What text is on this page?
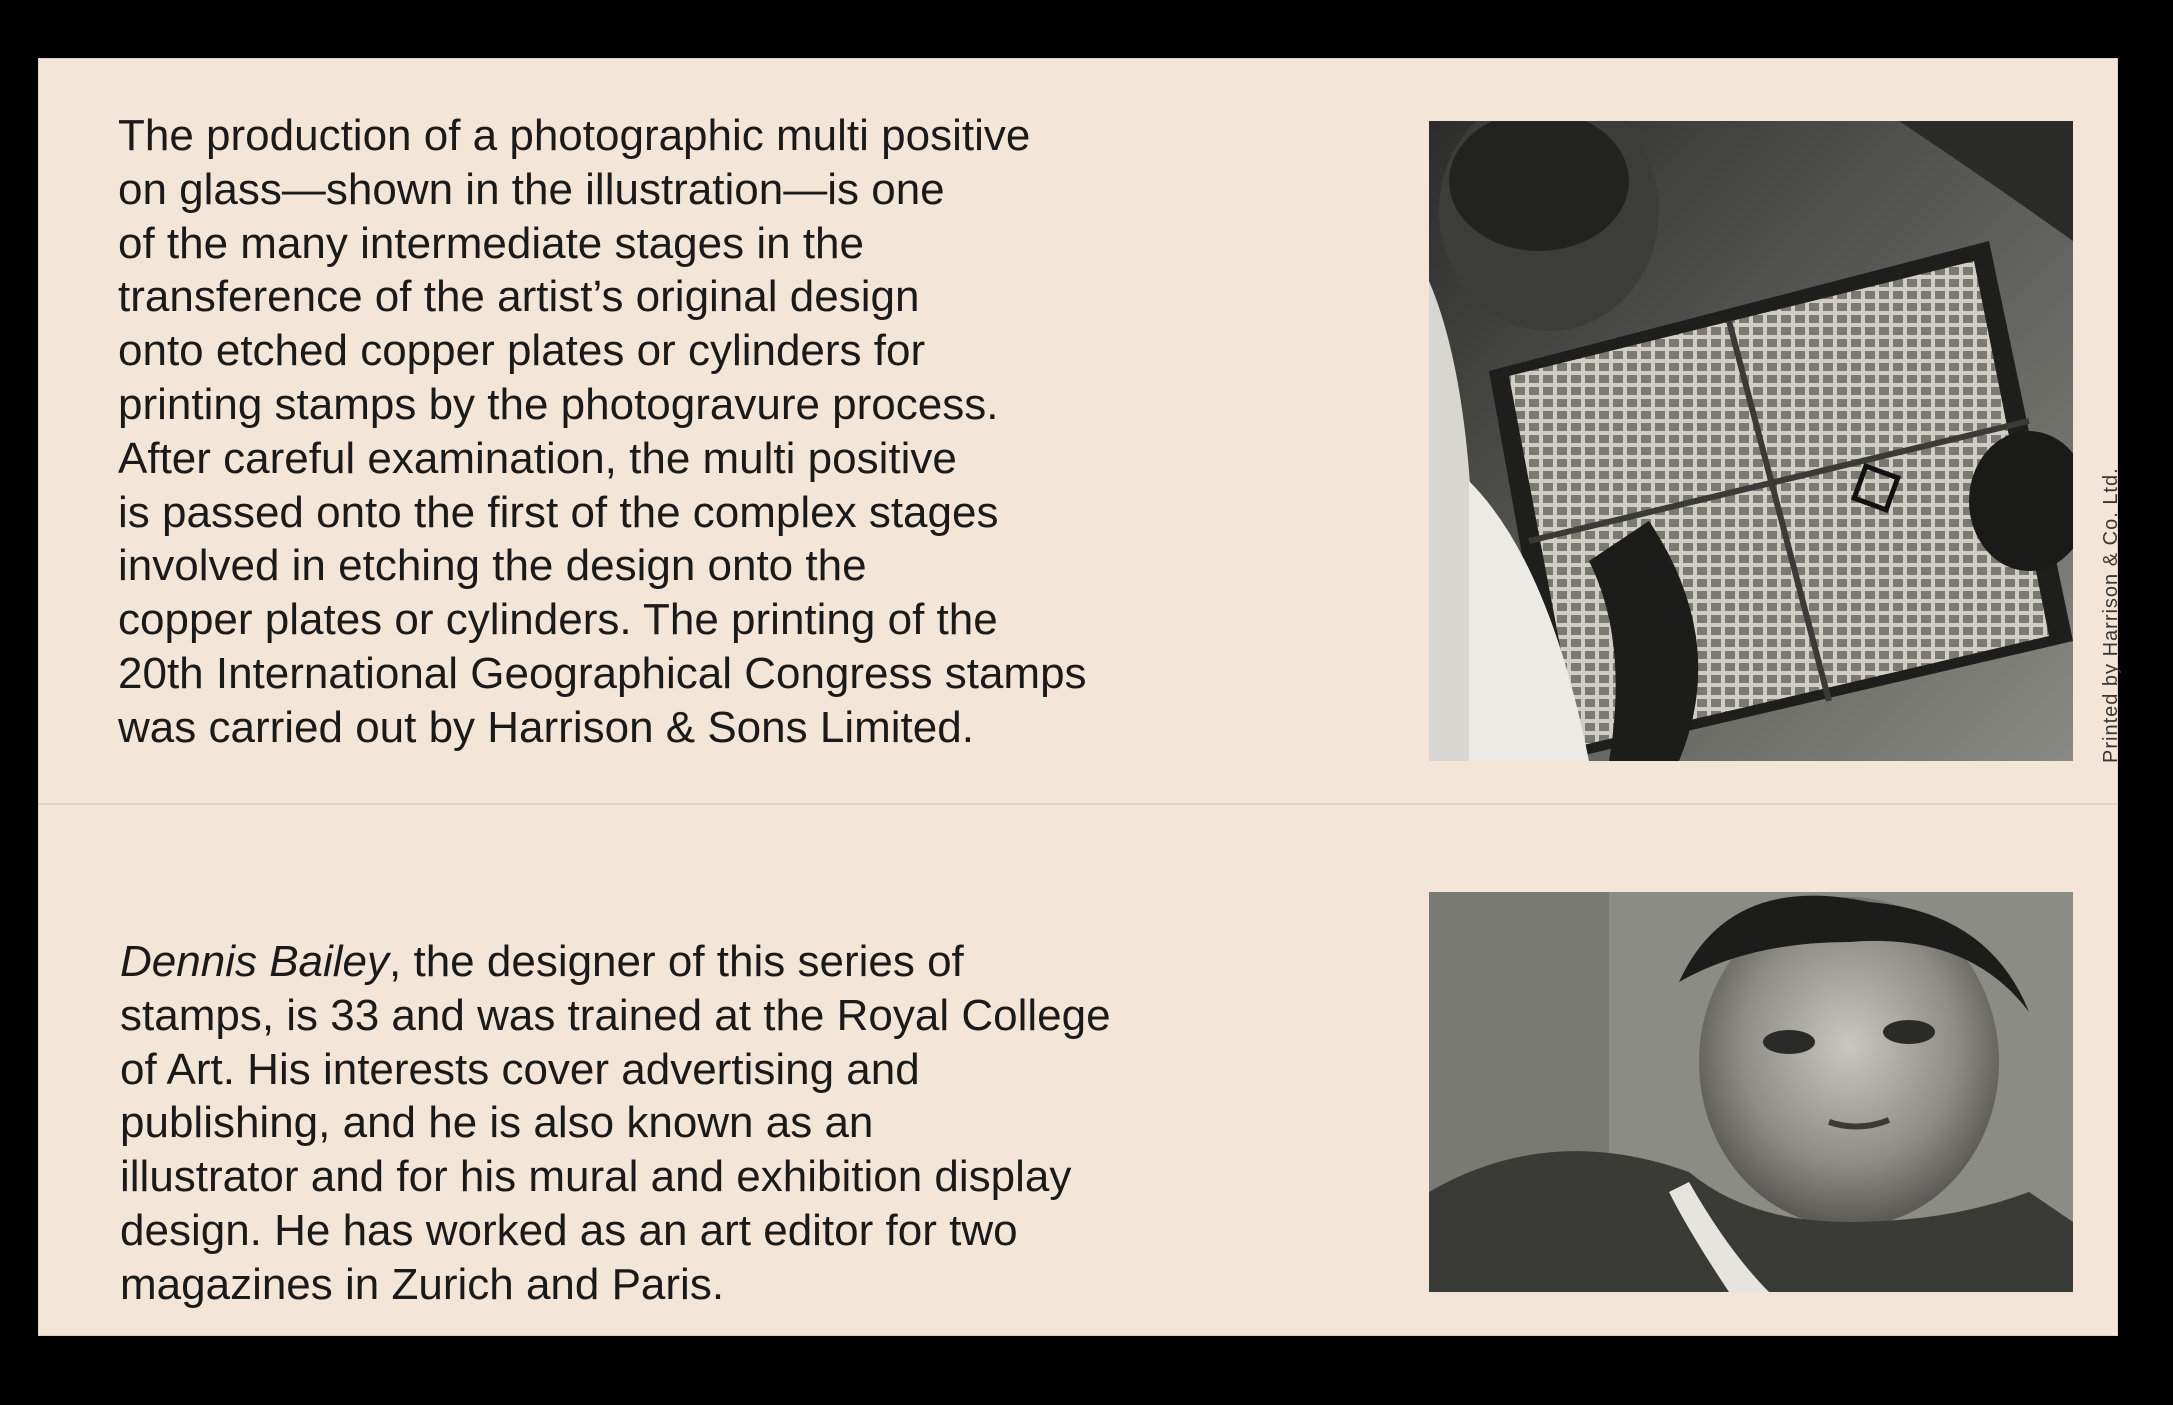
The production of a photographic multi positive
on glass—shown in the illustration—is one
of the many intermediate stages in the
transference of the artist’s original design
onto etched copper plates or cylinders for
printing stamps by the photogravure process.
After careful examination, the multi positive
is passed onto the first of the complex stages
involved in etching the design onto the
copper plates or cylinders. The printing of the
20th International Geographical Congress stamps
was carried out by Harrison & Sons Limited.
Dennis Bailey, the designer of this series of
stamps, is 33 and was trained at the Royal College
of Art. His interests cover advertising and
publishing, and he is also known as an
illustrator and for his mural and exhibition display
design. He has worked as an art editor for two
magazines in Zurich and Paris.
Printed by Harrison & Co. Ltd.
